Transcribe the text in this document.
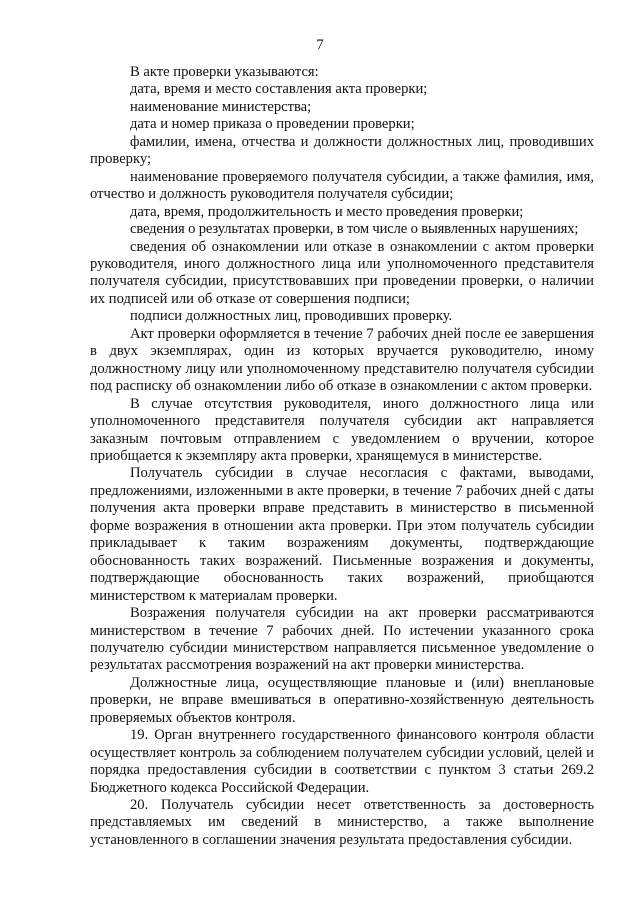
7

В акте проверки указываются:

дата, время и место составления акта проверки;

наименование министерства;

дата и номер приказа о проведении проверки;

фамилии, имена, отчества и должности должностных лиц, проводивших проверку;

наименование проверяемого получателя субсидии, а также фамилия, имя, отчество и должность руководителя получателя субсидии;

дата, время, продолжительность и место проведения проверки;

сведения о результатах проверки, в том числе о выявленных нарушениях;

сведения об ознакомлении или отказе в ознакомлении с актом проверки руководителя, иного должностного лица или уполномоченного представителя получателя субсидии, присутствовавших при проведении проверки, о наличии их подписей или об отказе от совершения подписи;

подписи должностных лиц, проводивших проверку.

Акт проверки оформляется в течение 7 рабочих дней после ее завершения в двух экземплярах, один из которых вручается руководителю, иному должностному лицу или уполномоченному представителю получателя субсидии под расписку об ознакомлении либо об отказе в ознакомлении с актом проверки.

В случае отсутствия руководителя, иного должностного лица или уполномоченного представителя получателя субсидии акт направляется заказным почтовым отправлением с уведомлением о вручении, которое приобщается к экземпляру акта проверки, хранящемуся в министерстве.

Получатель субсидии в случае несогласия с фактами, выводами, предложениями, изложенными в акте проверки, в течение 7 рабочих дней с даты получения акта проверки вправе представить в министерство в письменной форме возражения в отношении акта проверки. При этом получатель субсидии прикладывает к таким возражениям документы, подтверждающие обоснованность таких возражений. Письменные возражения и документы, подтверждающие обоснованность таких возражений, приобщаются министерством к материалам проверки.

Возражения получателя субсидии на акт проверки рассматриваются министерством в течение 7 рабочих дней. По истечении указанного срока получателю субсидии министерством направляется письменное уведомление о результатах рассмотрения возражений на акт проверки министерства.

Должностные лица, осуществляющие плановые и (или) внеплановые проверки, не вправе вмешиваться в оперативно-хозяйственную деятельность проверяемых объектов контроля.

19. Орган внутреннего государственного финансового контроля области осуществляет контроль за соблюдением получателем субсидии условий, целей и порядка предоставления субсидии в соответствии с пунктом 3 статьи 269.2 Бюджетного кодекса Российской Федерации.

20. Получатель субсидии несет ответственность за достоверность представляемых им сведений в министерство, а также выполнение установленного в соглашении значения результата предоставления субсидии.
